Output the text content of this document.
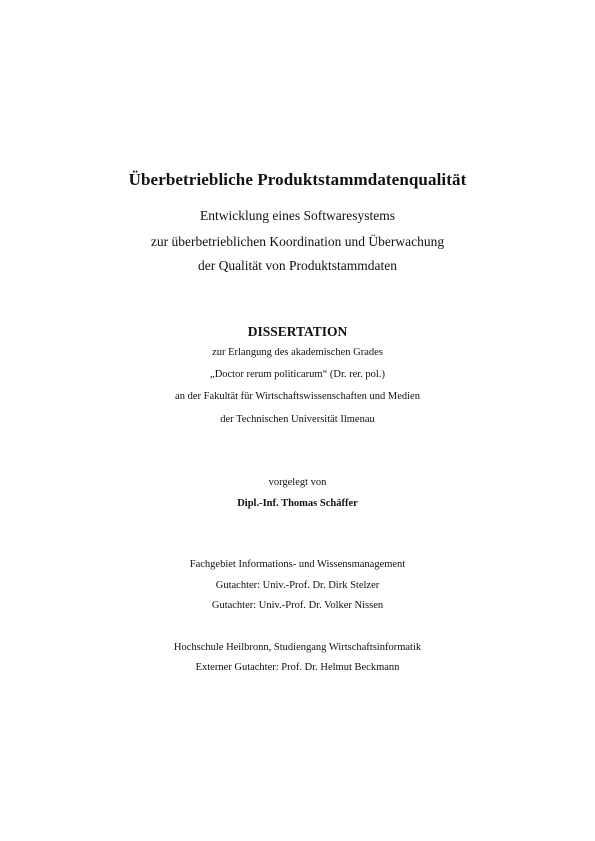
Überbetriebliche Produktstammdatenqualität
Entwicklung eines Softwaresystems
zur überbetrieblichen Koordination und Überwachung
der Qualität von Produktstammdaten
DISSERTATION
zur Erlangung des akademischen Grades
„Doctor rerum politicarum“ (Dr. rer. pol.)
an der Fakultät für Wirtschaftswissenschaften und Medien
der Technischen Universität Ilmenau
vorgelegt von
Dipl.-Inf. Thomas Schäffer
Fachgebiet Informations- und Wissensmanagement
Gutachter: Univ.-Prof. Dr. Dirk Stelzer
Gutachter: Univ.-Prof. Dr. Volker Nissen
Hochschule Heilbronn, Studiengang Wirtschaftsinformatik
Externer Gutachter: Prof. Dr. Helmut Beckmann
